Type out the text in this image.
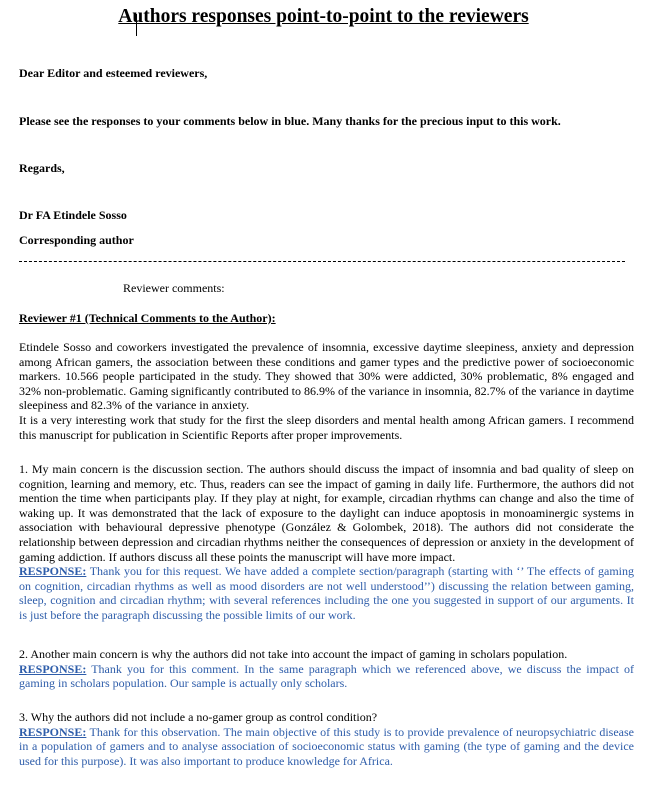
Authors responses point-to-point to the reviewers
Dear Editor and esteemed reviewers,
Please see the responses to your comments below in blue. Many thanks for the precious input to this work.
Regards,
Dr FA Etindele Sosso
Corresponding author
Reviewer comments:
Reviewer #1 (Technical Comments to the Author):
Etindele Sosso and coworkers investigated the prevalence of insomnia, excessive daytime sleepiness, anxiety and depression among African gamers, the association between these conditions and gamer types and the predictive power of socioeconomic markers. 10.566 people participated in the study. They showed that 30% were addicted, 30% problematic, 8% engaged and 32% non-problematic. Gaming significantly contributed to 86.9% of the variance in insomnia, 82.7% of the variance in daytime sleepiness and 82.3% of the variance in anxiety.
It is a very interesting work that study for the first the sleep disorders and mental health among African gamers. I recommend this manuscript for publication in Scientific Reports after proper improvements.
1. My main concern is the discussion section. The authors should discuss the impact of insomnia and bad quality of sleep on cognition, learning and memory, etc. Thus, readers can see the impact of gaming in daily life. Furthermore, the authors did not mention the time when participants play. If they play at night, for example, circadian rhythms can change and also the time of waking up. It was demonstrated that the lack of exposure to the daylight can induce apoptosis in monoaminergic systems in association with behavioural depressive phenotype (González & Golombek, 2018). The authors did not considerate the relationship between depression and circadian rhythms neither the consequences of depression or anxiety in the development of gaming addiction. If authors discuss all these points the manuscript will have more impact.
RESPONSE: Thank you for this request. We have added a complete section/paragraph (starting with ‘’ The effects of gaming on cognition, circadian rhythms as well as mood disorders are not well understood’’) discussing the relation between gaming, sleep, cognition and circadian rhythm; with several references including the one you suggested in support of our arguments. It is just before the paragraph discussing the possible limits of our work.
2. Another main concern is why the authors did not take into account the impact of gaming in scholars population.
RESPONSE: Thank you for this comment. In the same paragraph which we referenced above, we discuss the impact of gaming in scholars population. Our sample is actually only scholars.
3. Why the authors did not include a no-gamer group as control condition?
RESPONSE: Thank for this observation. The main objective of this study is to provide prevalence of neuropsychiatric disease in a population of gamers and to analyse association of socioeconomic status with gaming (the type of gaming and the device used for this purpose). It was also important to produce knowledge for Africa.
